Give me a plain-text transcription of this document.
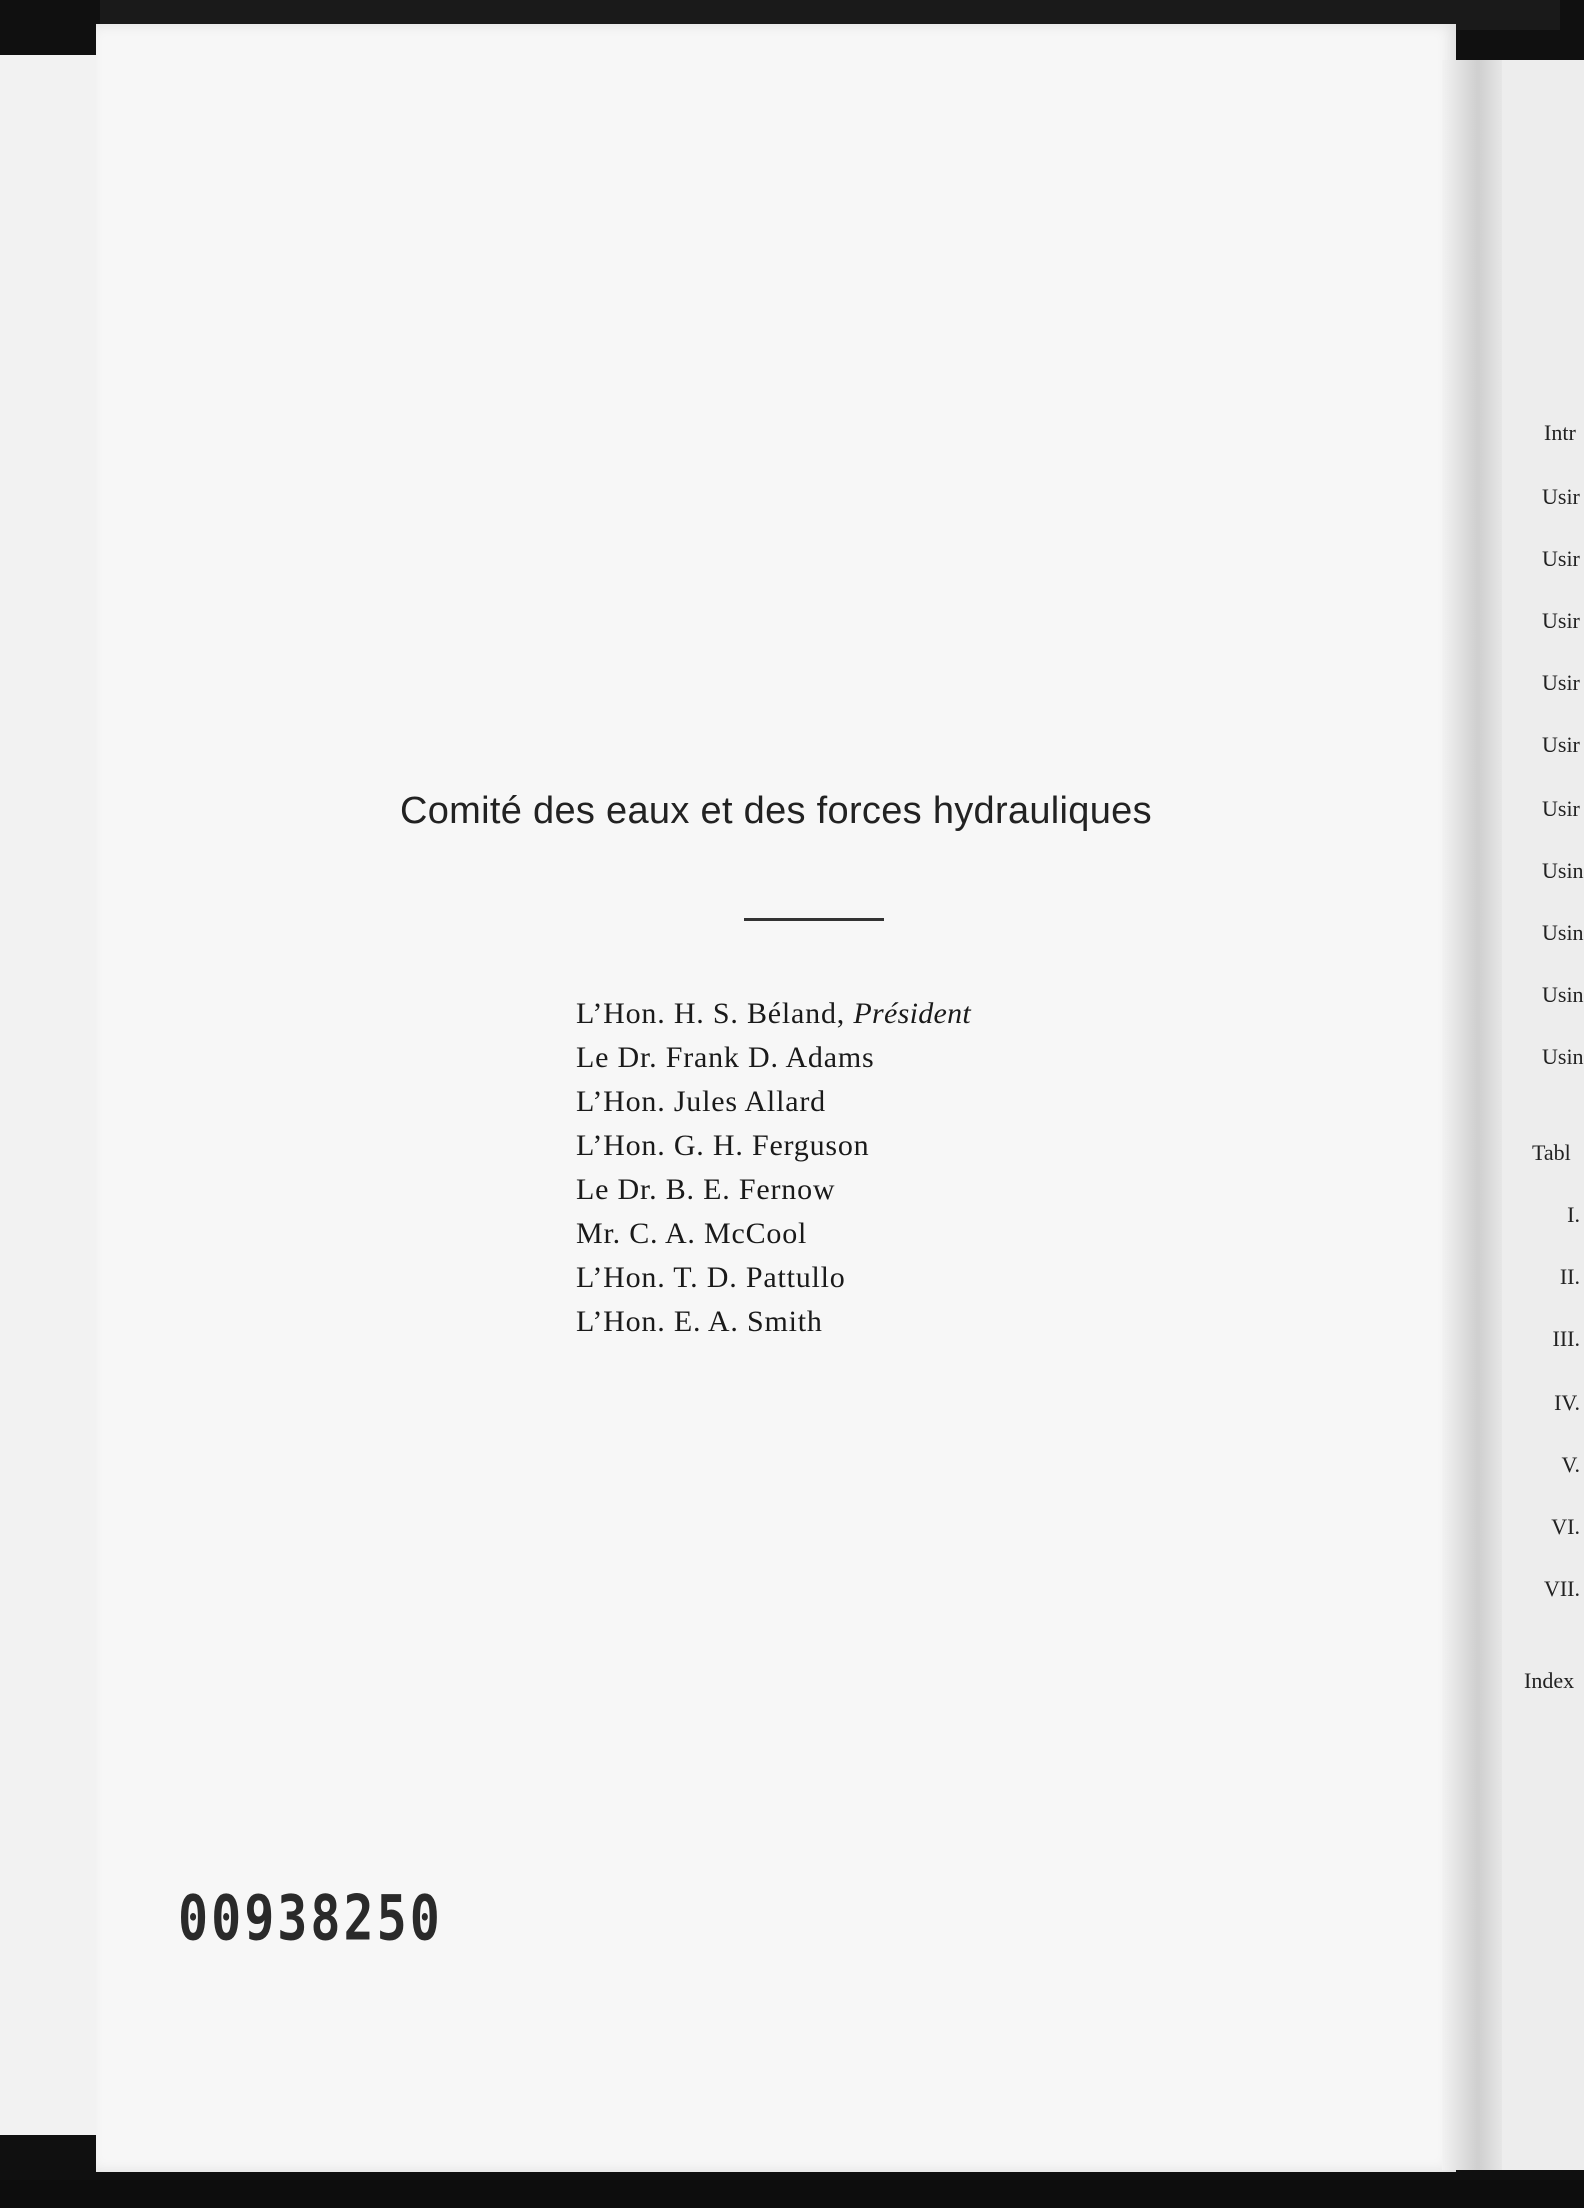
Comité des eaux et des forces hydrauliques
L’Hon. H. S. Béland, Président
Le Dr. Frank D. Adams
L’Hon. Jules Allard
L’Hon. G. H. Ferguson
Le Dr. B. E. Fernow
Mr. C. A. McCool
L’Hon. T. D. Pattullo
L’Hon. E. A. Smith
00938250
Intr
Usir
Usir
Usir
Usir
Usir
Usir
Usin
Usin
Usin
Usin
Tabl
I.
II.
III.
IV.
V.
VI.
VII.
Index
